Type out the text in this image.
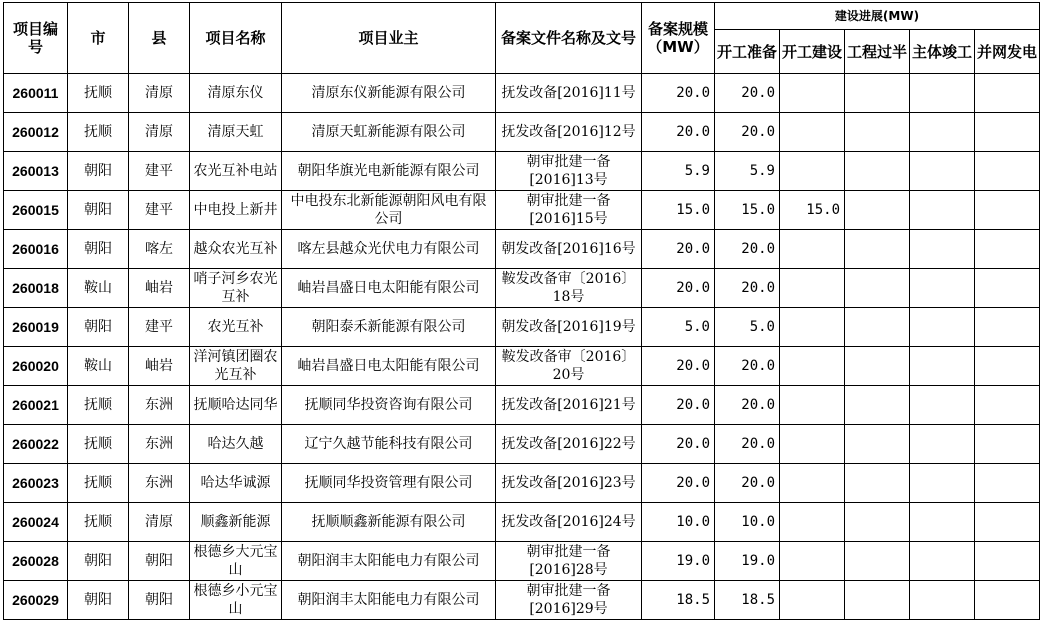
项目编号	市	县	项目名称	项目业主	备案文件名称及文号	备案规模（MW）	建设进展(MW)				
							开工准备	开工建设	工程过半	主体竣工	并网发电
260011	抚顺	清原	清原东仪	清原东仪新能源有限公司	抚发改备[2016]11号	20.0	20.0				
260012	抚顺	清原	清原天虹	清原天虹新能源有限公司	抚发改备[2016]12号	20.0	20.0				
260013	朝阳	建平	农光互补电站	朝阳华旗光电新能源有限公司	朝审批建一备[2016]13号	5.9	5.9				
260015	朝阳	建平	中电投上新井	中电投东北新能源朝阳风电有限公司	朝审批建一备[2016]15号	15.0	15.0	15.0			
260016	朝阳	喀左	越众农光互补	喀左县越众光伏电力有限公司	朝发改备[2016]16号	20.0	20.0				
260018	鞍山	岫岩	哨子河乡农光互补	岫岩昌盛日电太阳能有限公司	鞍发改备审〔2016〕18号	20.0	20.0				
260019	朝阳	建平	农光互补	朝阳泰禾新能源有限公司	朝发改备[2016]19号	5.0	5.0				
260020	鞍山	岫岩	洋河镇团圈农光互补	岫岩昌盛日电太阳能有限公司	鞍发改备审〔2016〕20号	20.0	20.0				
260021	抚顺	东洲	抚顺哈达同华	抚顺同华投资咨询有限公司	抚发改备[2016]21号	20.0	20.0				
260022	抚顺	东洲	哈达久越	辽宁久越节能科技有限公司	抚发改备[2016]22号	20.0	20.0				
260023	抚顺	东洲	哈达华诚源	抚顺同华投资管理有限公司	抚发改备[2016]23号	20.0	20.0				
260024	抚顺	清原	顺鑫新能源	抚顺顺鑫新能源有限公司	抚发改备[2016]24号	10.0	10.0				
260028	朝阳	朝阳	根德乡大元宝山	朝阳润丰太阳能电力有限公司	朝审批建一备[2016]28号	19.0	19.0				
260029	朝阳	朝阳	根德乡小元宝山	朝阳润丰太阳能电力有限公司	朝审批建一备[2016]29号	18.5	18.5				
